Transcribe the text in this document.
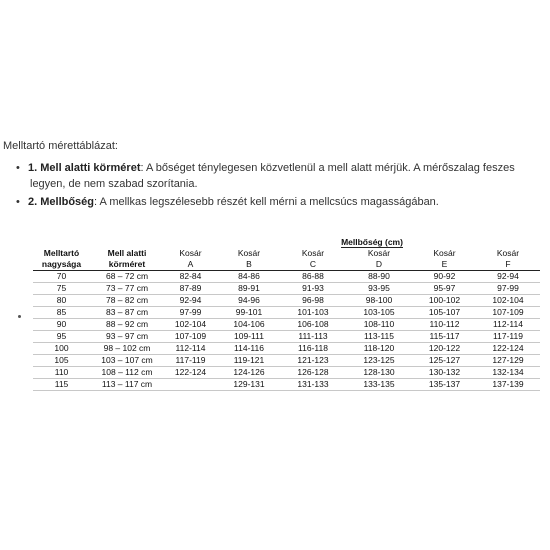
Melltartó mérettáblázat:
• 1. Mell alatti körméret: A bőséget ténylegesen közvetlenül a mell alatt mérjük. A mérőszalag feszes legyen, de nem szabad szorítania.
• 2. Mellbőség: A mellkas legszélesebb részét kell mérni a mellcsúcs magasságában.
		Mellbőség (cm)					
Melltartó	Mell alatti	Kosár	Kosár	Kosár	Kosár	Kosár	Kosár
nagysága	körméret	A	B	C	D	E	F
70	68 – 72 cm	82-84	84-86	86-88	88-90	90-92	92-94
75	73 – 77 cm	87-89	89-91	91-93	93-95	95-97	97-99
80	78 – 82 cm	92-94	94-96	96-98	98-100	100-102	102-104
85	83 – 87 cm	97-99	99-101	101-103	103-105	105-107	107-109
90	88 – 92 cm	102-104	104-106	106-108	108-110	110-112	112-114
95	93 – 97 cm	107-109	109-111	111-113	113-115	115-117	117-119
100	98 – 102 cm	112-114	114-116	116-118	118-120	120-122	122-124
105	103 – 107 cm	117-119	119-121	121-123	123-125	125-127	127-129
110	108 – 112 cm	122-124	124-126	126-128	128-130	130-132	132-134
115	113 – 117 cm		129-131	131-133	133-135	135-137	137-139
